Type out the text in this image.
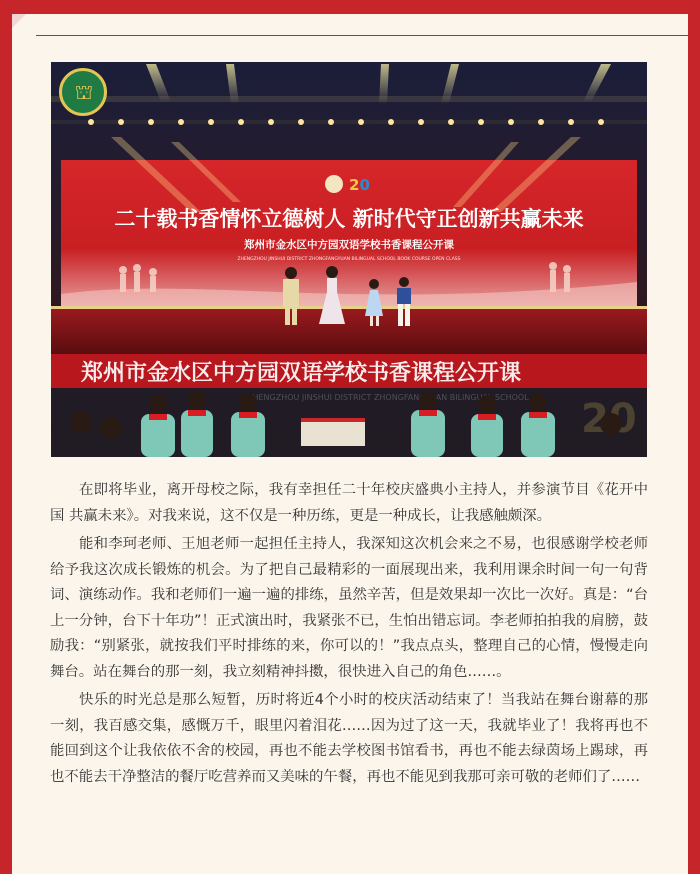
20
二十载书香情怀立德树人 新时代守正创新共赢未来
郑州市金水区中方园双语学校书香课程公开课
ZHENGZHOU JINSHUI DISTRICT ZHONGFANGYUAN BILINGUAL SCHOOL BOOK COURSE OPEN CLASS
郑州市金水区中方园双语学校书香课程公开课
⛫

在即将毕业，离开母校之际，我有幸担任二十年校庆盛典小主持人，并参演节目《花开中国 共赢未来》。对我来说，这不仅是一种历练，更是一种成长，让我感触颇深。

能和李珂老师、王旭老师一起担任主持人，我深知这次机会来之不易，也很感谢学校老师给予我这次成长锻炼的机会。为了把自己最精彩的一面展现出来，我利用课余时间一句一句背词、演练动作。我和老师们一遍一遍的排练，虽然辛苦，但是效果却一次比一次好。真是：“台上一分钟，台下十年功”！正式演出时，我紧张不已，生怕出错忘词。李老师拍拍我的肩膀，鼓励我：“别紧张，就按我们平时排练的来，你可以的！”我点点头，整理自己的心情，慢慢走向舞台。站在舞台的那一刻，我立刻精神抖擞，很快进入自己的角色……。

快乐的时光总是那么短暂，历时将近4个小时的校庆活动结束了！当我站在舞台谢幕的那一刻，我百感交集，感慨万千，眼里闪着泪花……因为过了这一天，我就毕业了！我将再也不能回到这个让我依依不舍的校园，再也不能去学校图书馆看书，再也不能去绿茵场上踢球，再也不能去干净整洁的餐厅吃营养而又美味的午餐，再也不能见到我那可亲可敬的老师们了……
